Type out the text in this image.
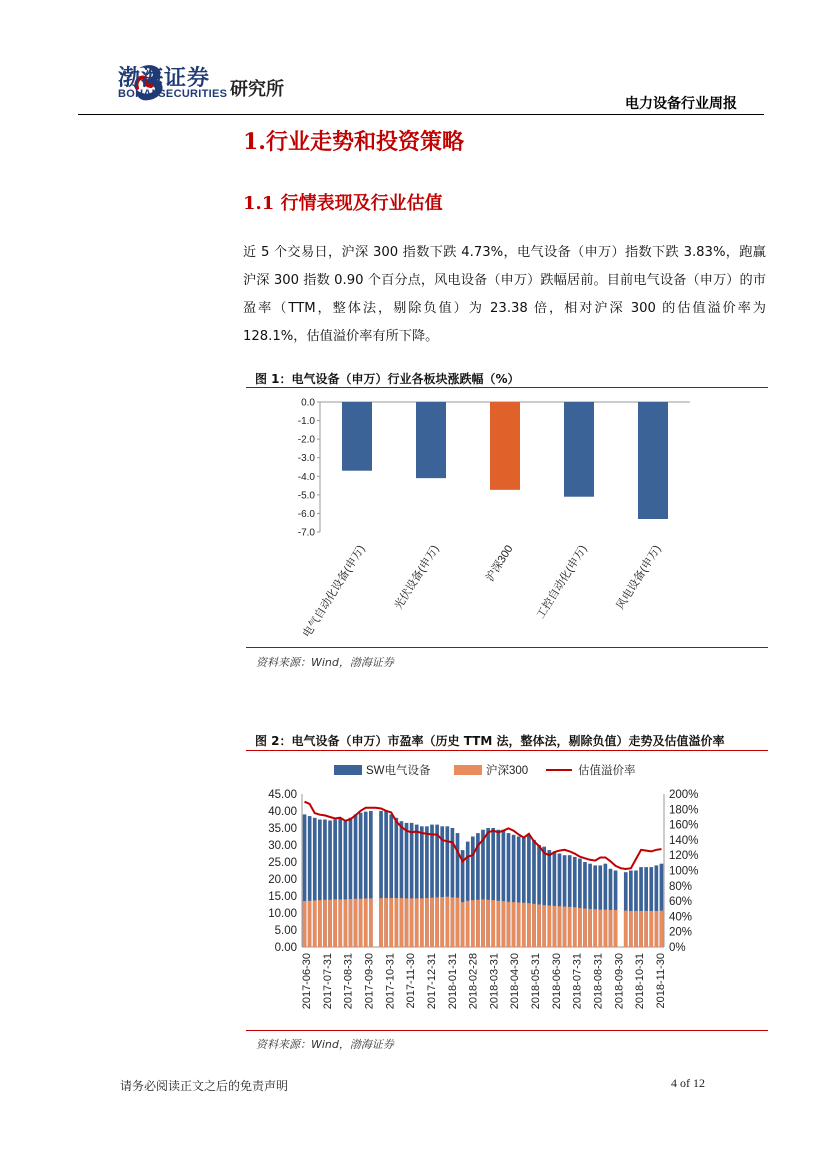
渤海证券
BOHAI SECURITIES 研究所
电力设备行业周报
1.行业走势和投资策略
1.1 行情表现及行业估值
近 5 个交易日，沪深 300 指数下跌 4.73%，电气设备（申万）指数下跌 3.83%，跑赢沪深 300 指数 0.90 个百分点，风电设备（申万）跌幅居前。目前电气设备（申万）的市盈率（TTM，整体法，剔除负值）为 23.38 倍，相对沪深 300 的估值溢价率为 128.1%，估值溢价率有所下降。
图 1：电气设备（申万）行业各板块涨跌幅（%）
0.0
-1.0
-2.0
-3.0
-4.0
-5.0
-6.0
-7.0
电气自动化设备(申万) 光伏设备(申万)	沪深300 工控自动化(申万) 风电设备(申万)
资料来源：Wind，渤海证券
图 2：电气设备（申万）市盈率（历史 TTM 法，整体法，剔除负值）走势及估值溢价率
SW电气设备	沪深300	估值溢价率
0.00
5.00
10.00
15.00
20.00
25.00
30.00
35.00
40.00
45.00
0%
20%
40%
60%
80%
100%
120%
140%
160%
180%
200%
2017-06-30 2017-07-31 2017-08-31 2017-09-30 2017-10-31 2017-11-30 2017-12-31 2018-01-31 2018-02-28 2018-03-31 2018-04-30 2018-05-31 2018-06-30 2018-07-31 2018-08-31 2018-09-30 2018-10-31 2018-11-30
资料来源：Wind，渤海证券
请务必阅读正文之后的免责声明	4 of 12
